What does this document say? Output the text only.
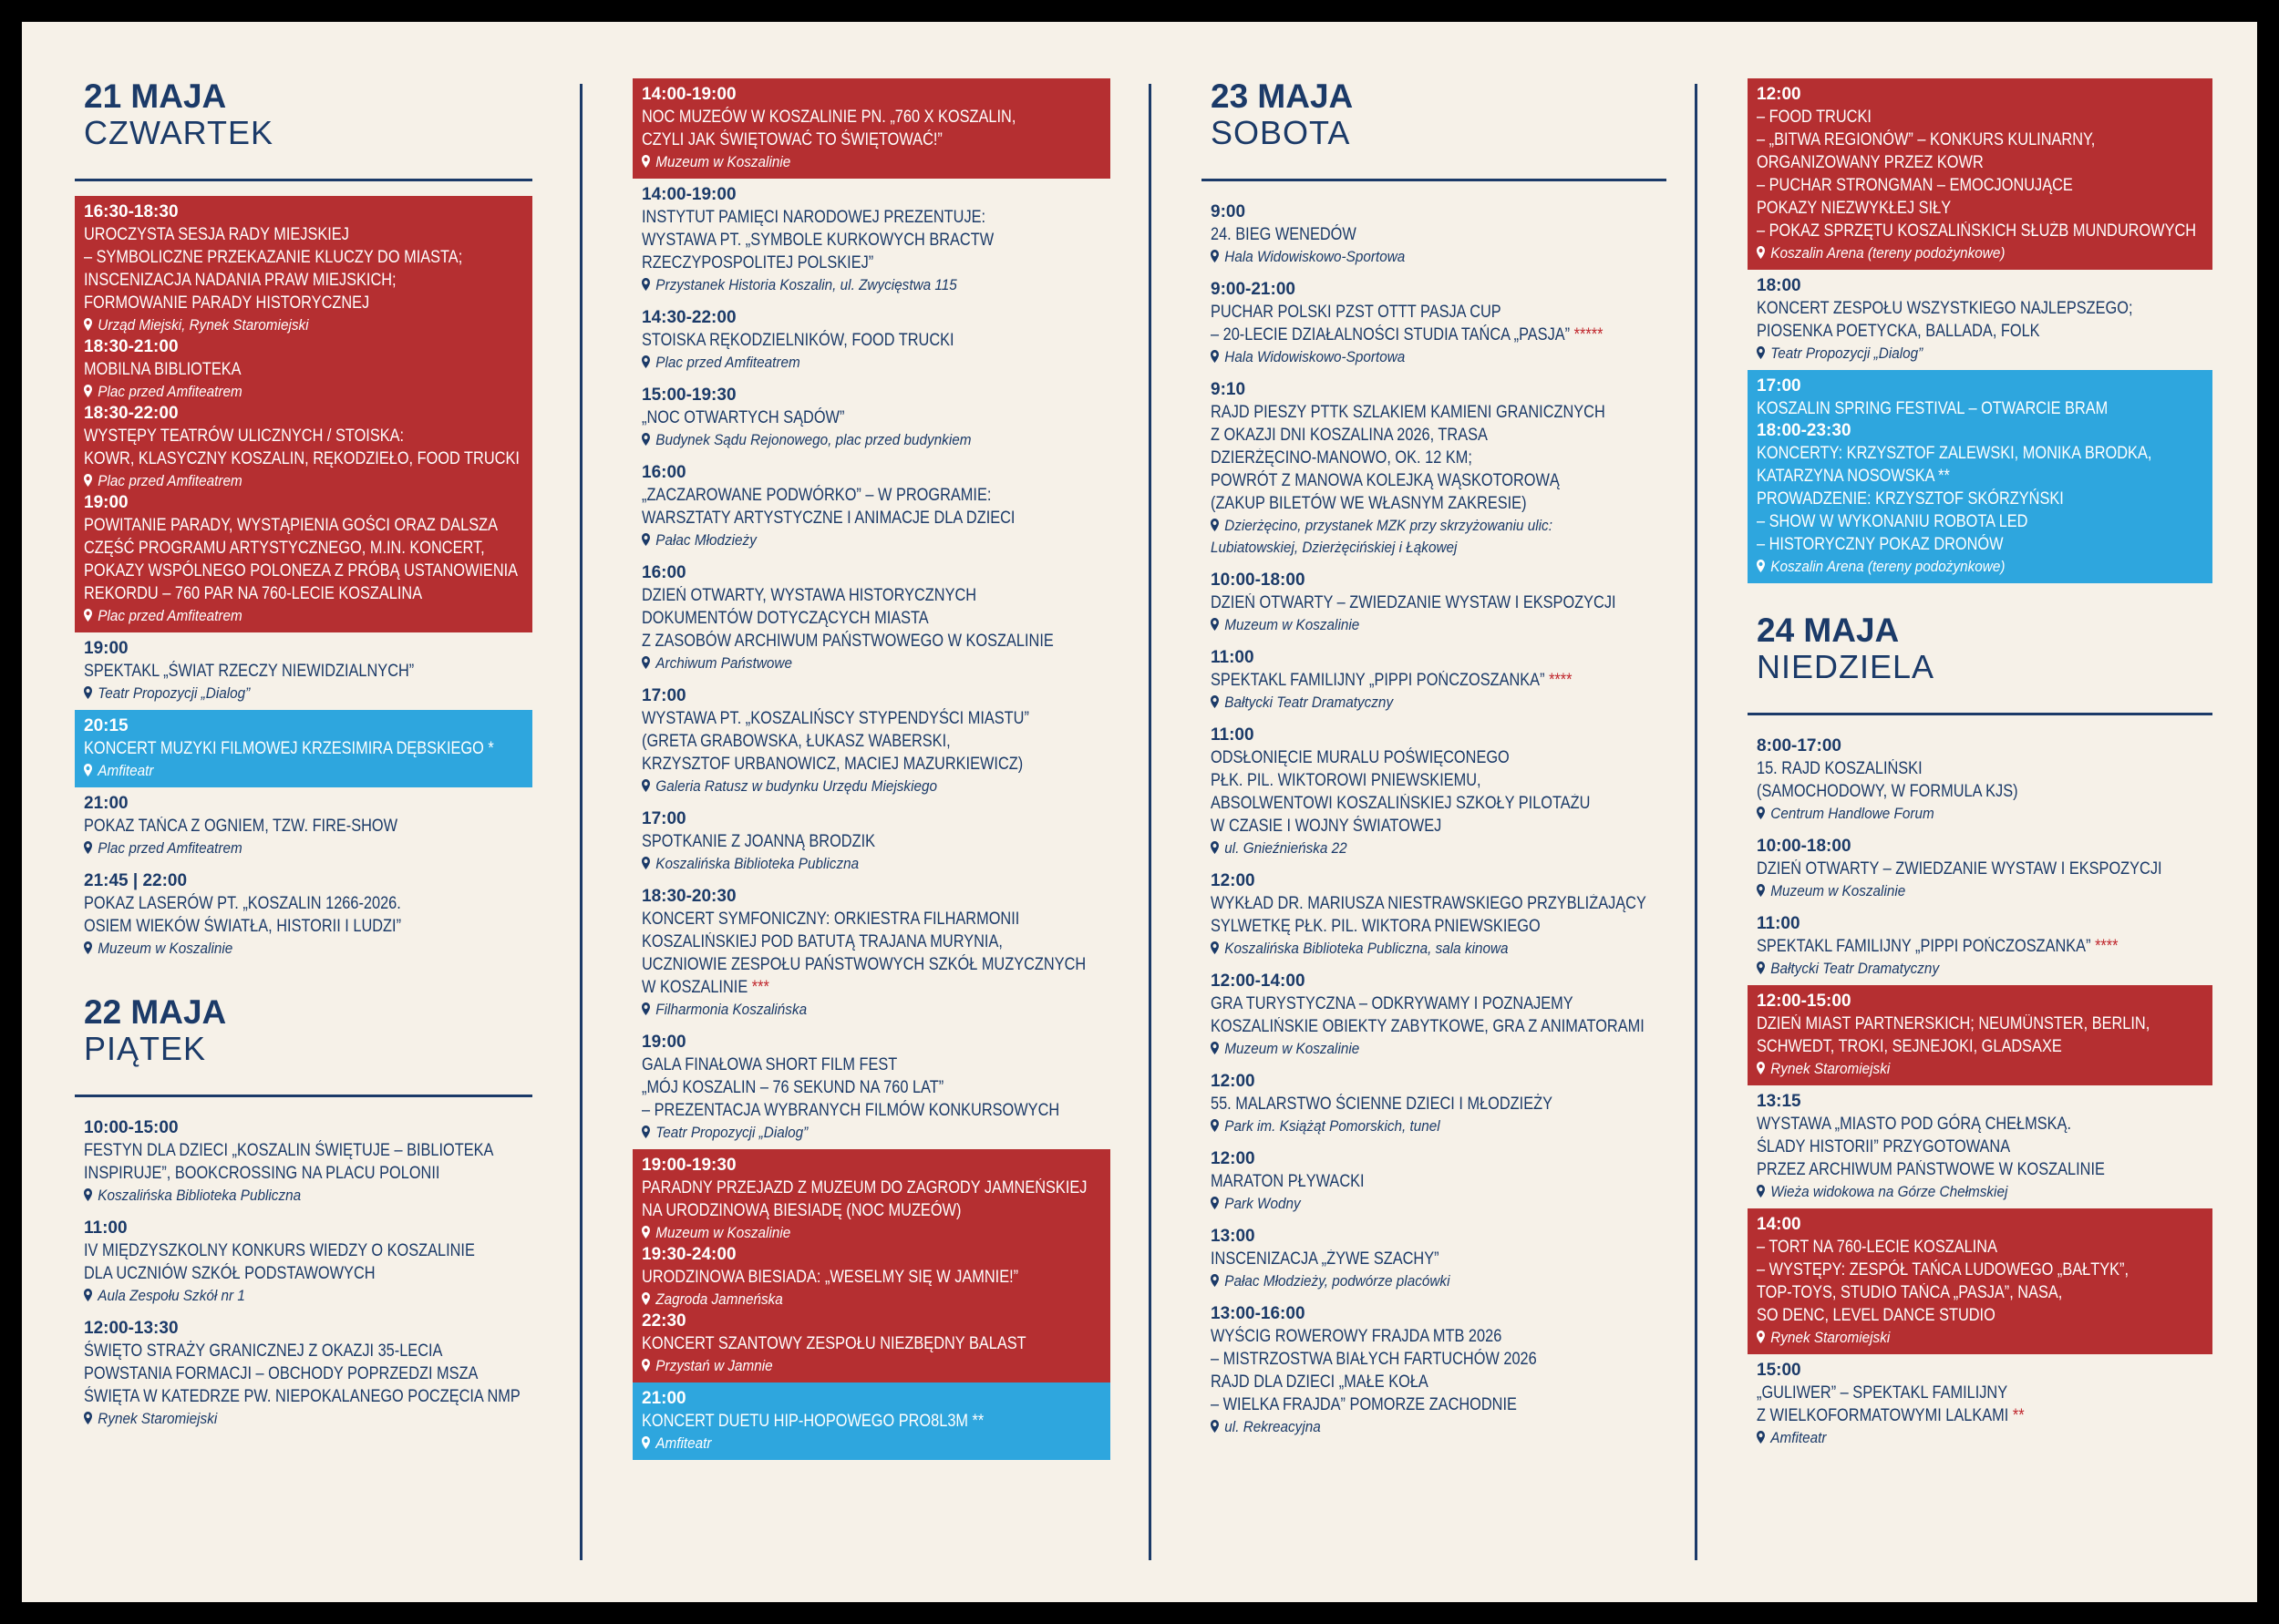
21 MAJA
CZWARTEK
16:30-18:30
UROCZYSTA SESJA RADY MIEJSKIEJ
– SYMBOLICZNE PRZEKAZANIE KLUCZY DO MIASTA;
INSCENIZACJA NADANIA PRAW MIEJSKICH;
FORMOWANIE PARADY HISTORYCZNEJ
Urząd Miejski, Rynek Staromiejski
18:30-21:00
MOBILNA BIBLIOTEKA
Plac przed Amfiteatrem
18:30-22:00
WYSTĘPY TEATRÓW ULICZNYCH / STOISKA:
KOWR, KLASYCZNY KOSZALIN, RĘKODZIEŁO, FOOD TRUCKI
Plac przed Amfiteatrem
19:00
POWITANIE PARADY, WYSTĄPIENIA GOŚCI ORAZ DALSZA
CZĘŚĆ PROGRAMU ARTYSTYCZNEGO, M.IN. KONCERT,
POKAZY WSPÓLNEGO POLONEZA Z PRÓBĄ USTANOWIENIA
REKORDU – 760 PAR NA 760-LECIE KOSZALINA
Plac przed Amfiteatrem
19:00
SPEKTAKL „ŚWIAT RZECZY NIEWIDZIALNYCH”
Teatr Propozycji „Dialog”
20:15
KONCERT MUZYKI FILMOWEJ KRZESIMIRA DĘBSKIEGO *
Amfiteatr
21:00
POKAZ TAŃCA Z OGNIEM, TZW. FIRE-SHOW
Plac przed Amfiteatrem
21:45 | 22:00
POKAZ LASERÓW PT. „KOSZALIN 1266-2026.
OSIEM WIEKÓW ŚWIATŁA, HISTORII I LUDZI”
Muzeum w Koszalinie
22 MAJA
PIĄTEK
10:00-15:00
FESTYN DLA DZIECI „KOSZALIN ŚWIĘTUJE – BIBLIOTEKA
INSPIRUJE”, BOOKCROSSING NA PLACU POLONII
Koszalińska Biblioteka Publiczna
11:00
IV MIĘDZYSZKOLNY KONKURS WIEDZY O KOSZALINIE
DLA UCZNIÓW SZKÓŁ PODSTAWOWYCH
Aula Zespołu Szkół nr 1
12:00-13:30
ŚWIĘTO STRAŻY GRANICZNEJ Z OKAZJI 35-LECIA
POWSTANIA FORMACJI – OBCHODY POPRZEDZI MSZA
ŚWIĘTA W KATEDRZE PW. NIEPOKALANEGO POCZĘCIA NMP
Rynek Staromiejski
14:00-19:00
NOC MUZEÓW W KOSZALINIE PN. „760 X KOSZALIN,
CZYLI JAK ŚWIĘTOWAĆ TO ŚWIĘTOWAĆ!”
Muzeum w Koszalinie
14:00-19:00
INSTYTUT PAMIĘCI NARODOWEJ PREZENTUJE:
WYSTAWA PT. „SYMBOLE KURKOWYCH BRACTW
RZECZYPOSPOLITEJ POLSKIEJ”
Przystanek Historia Koszalin, ul. Zwycięstwa 115
14:30-22:00
STOISKA RĘKODZIELNIKÓW, FOOD TRUCKI
Plac przed Amfiteatrem
15:00-19:30
„NOC OTWARTYCH SĄDÓW”
Budynek Sądu Rejonowego, plac przed budynkiem
16:00
„ZACZAROWANE PODWÓRKO” – W PROGRAMIE:
WARSZTATY ARTYSTYCZNE I ANIMACJE DLA DZIECI
Pałac Młodzieży
16:00
DZIEŃ OTWARTY, WYSTAWA HISTORYCZNYCH
DOKUMENTÓW DOTYCZĄCYCH MIASTA
Z ZASOBÓW ARCHIWUM PAŃSTWOWEGO W KOSZALINIE
Archiwum Państwowe
17:00
WYSTAWA PT. „KOSZALIŃSCY STYPENDYŚCI MIASTU”
(GRETA GRABOWSKA, ŁUKASZ WABERSKI,
KRZYSZTOF URBANOWICZ, MACIEJ MAZURKIEWICZ)
Galeria Ratusz w budynku Urzędu Miejskiego
17:00
SPOTKANIE Z JOANNĄ BRODZIK
Koszalińska Biblioteka Publiczna
18:30-20:30
KONCERT SYMFONICZNY: ORKIESTRA FILHARMONII
KOSZALIŃSKIEJ POD BATUTĄ TRAJANA MURYNIA,
UCZNIOWIE ZESPOŁU PAŃSTWOWYCH SZKÓŁ MUZYCZNYCH
W KOSZALINIE ***
Filharmonia Koszalińska
19:00
GALA FINAŁOWA SHORT FILM FEST
„MÓJ KOSZALIN – 76 SEKUND NA 760 LAT”
– PREZENTACJA WYBRANYCH FILMÓW KONKURSOWYCH
Teatr Propozycji „Dialog”
19:00-19:30
PARADNY PRZEJAZD Z MUZEUM DO ZAGRODY JAMNEŃSKIEJ
NA URODZINOWĄ BIESIADĘ (NOC MUZEÓW)
Muzeum w Koszalinie
19:30-24:00
URODZINOWA BIESIADA: „WESELMY SIĘ W JAMNIE!”
Zagroda Jamneńska
22:30
KONCERT SZANTOWY ZESPOŁU NIEZBĘDNY BALAST
Przystań w Jamnie
21:00
KONCERT DUETU HIP-HOPOWEGO PRO8L3M **
Amfiteatr
23 MAJA
SOBOTA
9:00
24. BIEG WENEDÓW
Hala Widowiskowo-Sportowa
9:00-21:00
PUCHAR POLSKI PZST OTTT PASJA CUP
– 20-LECIE DZIAŁALNOŚCI STUDIA TAŃCA „PASJA” *****
Hala Widowiskowo-Sportowa
9:10
RAJD PIESZY PTTK SZLAKIEM KAMIENI GRANICZNYCH
Z OKAZJI DNI KOSZALINA 2026, TRASA
DZIERŻĘCINO-MANOWO, OK. 12 KM;
POWRÓT Z MANOWA KOLEJKĄ WĄSKOTOROWĄ
(ZAKUP BILETÓW WE WŁASNYM ZAKRESIE)
Dzierżęcino, przystanek MZK przy skrzyżowaniu ulic:
Lubiatowskiej, Dzierżęcińskiej i Łąkowej
10:00-18:00
DZIEŃ OTWARTY – ZWIEDZANIE WYSTAW I EKSPOZYCJI
Muzeum w Koszalinie
11:00
SPEKTAKL FAMILIJNY „PIPPI POŃCZOSZANKA” ****
Bałtycki Teatr Dramatyczny
11:00
ODSŁONIĘCIE MURALU POŚWIĘCONEGO
PŁK. PIL. WIKTOROWI PNIEWSKIEMU,
ABSOLWENTOWI KOSZALIŃSKIEJ SZKOŁY PILOTAŻU
W CZASIE I WOJNY ŚWIATOWEJ
ul. Gnieźnieńska 22
12:00
WYKŁAD DR. MARIUSZA NIESTRAWSKIEGO PRZYBLIŻAJĄCY
SYLWETKĘ PŁK. PIL. WIKTORA PNIEWSKIEGO
Koszalińska Biblioteka Publiczna, sala kinowa
12:00-14:00
GRA TURYSTYCZNA – ODKRYWAMY I POZNAJEMY
KOSZALIŃSKIE OBIEKTY ZABYTKOWE, GRA Z ANIMATORAMI
Muzeum w Koszalinie
12:00
55. MALARSTWO ŚCIENNE DZIECI I MŁODZIEŻY
Park im. Książąt Pomorskich, tunel
12:00
MARATON PŁYWACKI
Park Wodny
13:00
INSCENIZACJA „ŻYWE SZACHY”
Pałac Młodzieży, podwórze placówki
13:00-16:00
WYŚCIG ROWEROWY FRAJDA MTB 2026
– MISTRZOSTWA BIAŁYCH FARTUCHÓW 2026
RAJD DLA DZIECI „MAŁE KOŁA
– WIELKA FRAJDA” POMORZE ZACHODNIE
ul. Rekreacyjna
12:00
– FOOD TRUCKI
– „BITWA REGIONÓW” – KONKURS KULINARNY,
ORGANIZOWANY PRZEZ KOWR
– PUCHAR STRONGMAN – EMOCJONUJĄCE
POKAZY NIEZWYKŁEJ SIŁY
– POKAZ SPRZĘTU KOSZALIŃSKICH SŁUŻB MUNDUROWYCH
Koszalin Arena (tereny podożynkowe)
18:00
KONCERT ZESPOŁU WSZYSTKIEGO NAJLEPSZEGO;
PIOSENKA POETYCKA, BALLADA, FOLK
Teatr Propozycji „Dialog”
17:00
KOSZALIN SPRING FESTIVAL – OTWARCIE BRAM
18:00-23:30
KONCERTY: KRZYSZTOF ZALEWSKI, MONIKA BRODKA,
KATARZYNA NOSOWSKA **
PROWADZENIE: KRZYSZTOF SKÓRZYŃSKI
– SHOW W WYKONANIU ROBOTA LED
– HISTORYCZNY POKAZ DRONÓW
Koszalin Arena (tereny podożynkowe)
24 MAJA
NIEDZIELA
8:00-17:00
15. RAJD KOSZALIŃSKI
(SAMOCHODOWY, W FORMULA KJS)
Centrum Handlowe Forum
10:00-18:00
DZIEŃ OTWARTY – ZWIEDZANIE WYSTAW I EKSPOZYCJI
Muzeum w Koszalinie
11:00
SPEKTAKL FAMILIJNY „PIPPI POŃCZOSZANKA” ****
Bałtycki Teatr Dramatyczny
12:00-15:00
DZIEŃ MIAST PARTNERSKICH; NEUMÜNSTER, BERLIN,
SCHWEDT, TROKI, SEJNEJOKI, GLADSAXE
Rynek Staromiejski
13:15
WYSTAWA „MIASTO POD GÓRĄ CHEŁMSKĄ.
ŚLADY HISTORII” PRZYGOTOWANA
PRZEZ ARCHIWUM PAŃSTWOWE W KOSZALINIE
Wieża widokowa na Górze Chełmskiej
14:00
– TORT NA 760-LECIE KOSZALINA
– WYSTĘPY: ZESPÓŁ TAŃCA LUDOWEGO „BAŁTYK”,
TOP-TOYS, STUDIO TAŃCA „PASJA”, NASA,
SO DENC, LEVEL DANCE STUDIO
Rynek Staromiejski
15:00
„GULIWER” – SPEKTAKL FAMILIJNY
Z WIELKOFORMATOWYMI LALKAMI **
Amfiteatr
